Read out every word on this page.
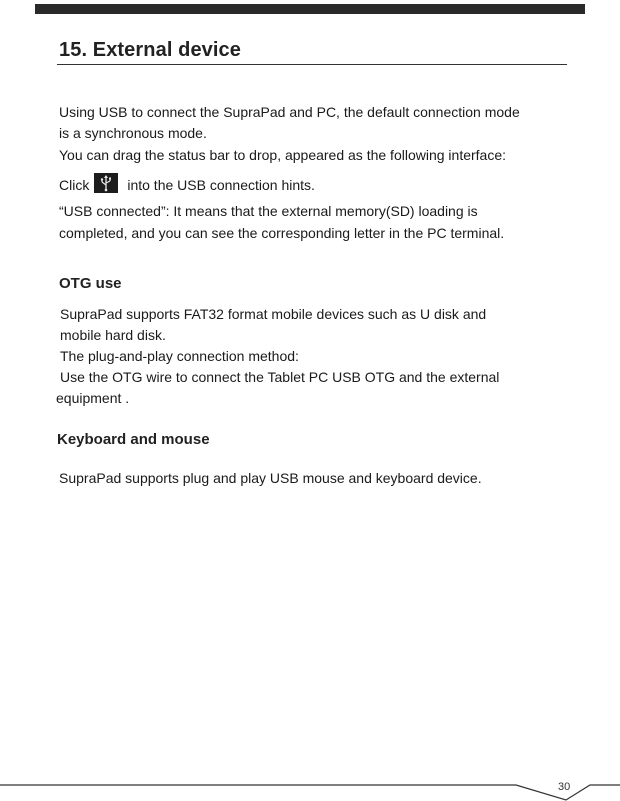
15. External device

Using USB to connect the SupraPad and PC, the default connection mode

is a synchronous mode.

You can drag the status bar to drop, appeared as the following interface:

Click	into the USB connection hints.

“USB connected”: It means that the external memory(SD) loading is

completed, and you can see the corresponding letter in the PC terminal.

OTG use

SupraPad supports FAT32 format mobile devices such as U disk and

mobile hard disk.

The plug-and-play connection method:

Use the OTG wire to connect the Tablet PC USB OTG and the external

equipment .

Keyboard and mouse

SupraPad supports plug and play USB mouse and keyboard device.

30
